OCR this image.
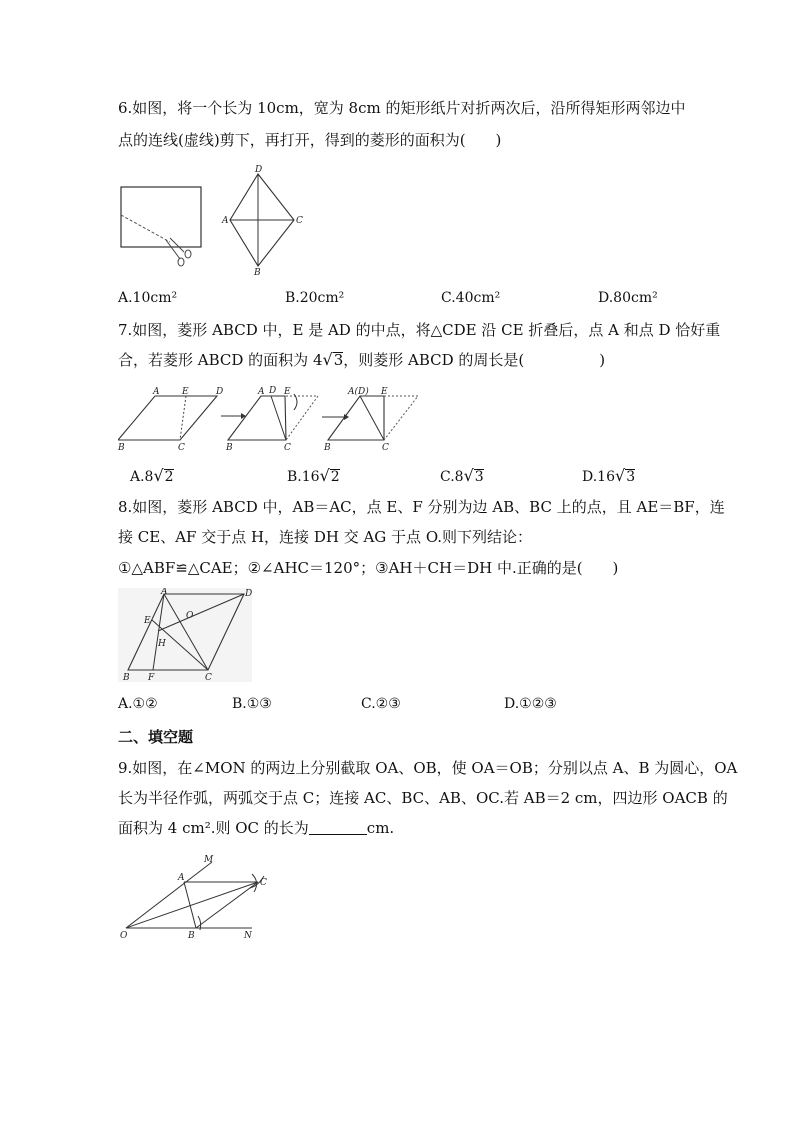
6.如图，将一个长为 10cm，宽为 8cm 的矩形纸片对折两次后，沿所得矩形两邻边中
点的连线(虚线)剪下，再打开，得到的菱形的面积为(　　)
D
C
B
A
A.10cm²	B.20cm²	C.40cm²	D.80cm²
7.如图，菱形 ABCD 中，E 是 AD 的中点，将△CDE 沿 CE 折叠后，点 A 和点 D 恰好重
合，若菱形 ABCD 的面积为 4√3，则菱形 ABCD 的周长是(　　　　　)
A	E	D
B	C
A D E
B	C
A(D) E
B	C
A.8√2	B.16√2	C.8√3	D.16√3
8.如图，菱形 ABCD 中，AB＝AC，点 E、F 分别为边 AB、BC 上的点，且 AE＝BF，连
接 CE、AF 交于点 H，连接 DH 交 AG 于点 O.则下列结论：
①△ABF≌△CAE；②∠AHC＝120°；③AH＋CH＝DH 中.正确的是(　　)
A	D
E	O
H
B F	C
A.①②	B.①③	C.②③	D.①②③
二、填空题
9.如图，在∠MON 的两边上分别截取 OA、OB，使 OA＝OB；分别以点 A、B 为圆心，OA
长为半径作弧，两弧交于点 C；连接 AC、BC、AB、OC.若 AB＝2 cm，四边形 OACB 的
面积为 4 cm².则 OC 的长为	cm.
M
A	C
O	B	N
